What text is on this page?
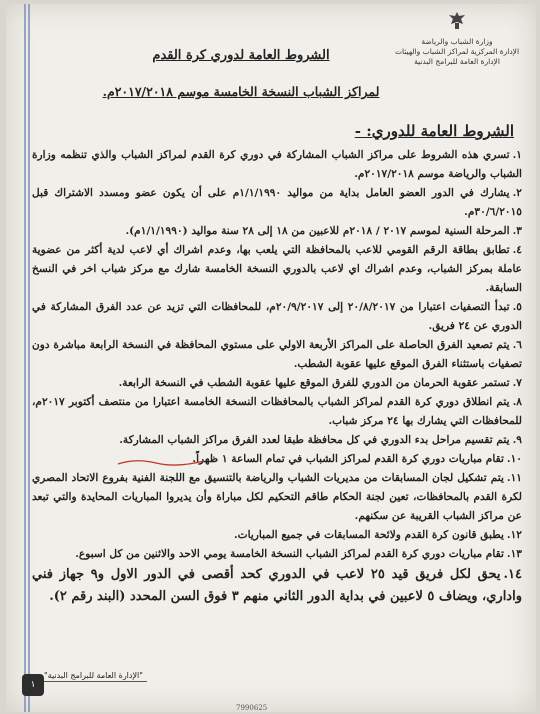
وزارة الشباب والرياضة
الإدارة المركزية لمراكز الشباب والهيئات
الإدارة العامة للبرامج البدنية
الشروط العامة لدوري كرة القدم
لمراكز الشباب النسخة الخامسة موسم ٢٠١٧/٢٠١٨م.
الشروط العامة للدوري: -
١.تسري هذه الشروط على مراكز الشباب المشاركة في دوري كرة القدم لمراكز الشباب والذي تنظمه وزارة الشباب والرياضة موسم ٢٠١٧/٢٠١٨م.
٢.يشارك في الدور العضو العامل بداية من مواليد ١/١/١٩٩٠م على أن يكون عضو ومسدد الاشتراك قبل ٣٠/٦/٢٠١٥م.
٣.المرحلة السنية لموسم ٢٠١٧ / ٢٠١٨م للاعبين من ١٨ إلى ٢٨ سنة مواليد (١/١/١٩٩٠م).
٤.تطابق بطاقة الرقم القومي للاعب بالمحافظة التي يلعب بها، وعدم اشراك أي لاعب لدية أكثر من عضوية عاملة بمركز الشباب، وعدم اشراك اي لاعب بالدوري النسخة الخامسة شارك مع مركز شباب اخر في النسخ السابقة.
٥.تبدأ التصفيات اعتبارا من ٢٠/٨/٢٠١٧ إلى ٢٠/٩/٢٠١٧م، للمحافظات التي تزيد عن عدد الفرق المشاركة في الدوري عن ٢٤ فريق.
٦.يتم تصعيد الفرق الحاصلة على المراكز الأربعة الاولي على مستوي المحافظة في النسخة الرابعة مباشرة دون تصفيات باستثناء الفرق الموقع عليها عقوبة الشطب.
٧.تستمر عقوبة الحرمان من الدوري للفرق الموقع عليها عقوبة الشطب في النسخة الرابعة.
٨.يتم انطلاق دوري كرة القدم لمراكز الشباب بالمحافظات النسخة الخامسة اعتبارا من منتصف أكتوبر ٢٠١٧م، للمحافظات التي يشارك بها ٢٤ مركز شباب.
٩.يتم تقسيم مراحل بدء الدوري في كل محافظة طبقا لعدد الفرق مراكز الشباب المشاركة.
١٠.تقام مباريات دوري كرة القدم لمراكز الشباب في تمام الساعة ١ ظهراً.
١١.يتم تشكيل لجان المسابقات من مديريات الشباب والرياضة بالتنسيق مع اللجنة الفنية بفروع الاتحاد المصري لكرة القدم بالمحافظات، تعين لجنة الحكام طاقم التحكيم لكل مباراة وأن يديروا المباريات المحايدة والتي تبعد عن مراكز الشباب القريبة عن سكنهم.
١٢.يطبق قانون كرة القدم ولائحة المسابقات في جميع المباريات.
١٣.تقام مباريات دوري كرة القدم لمراكز الشباب النسخة الخامسة يومي الاحد والاثنين من كل اسبوع.
١٤.يحق لكل فريق قيد ٢٥ لاعب في الدوري كحد أقصى في الدور الاول و٩ جهاز فني واداري، ويضاف ٥ لاعبين في بداية الدور الثاني منهم ٣ فوق السن المحدد (البند رقم ٢).
"الإدارة العامة للبرامج البدنية"
١
7990625
